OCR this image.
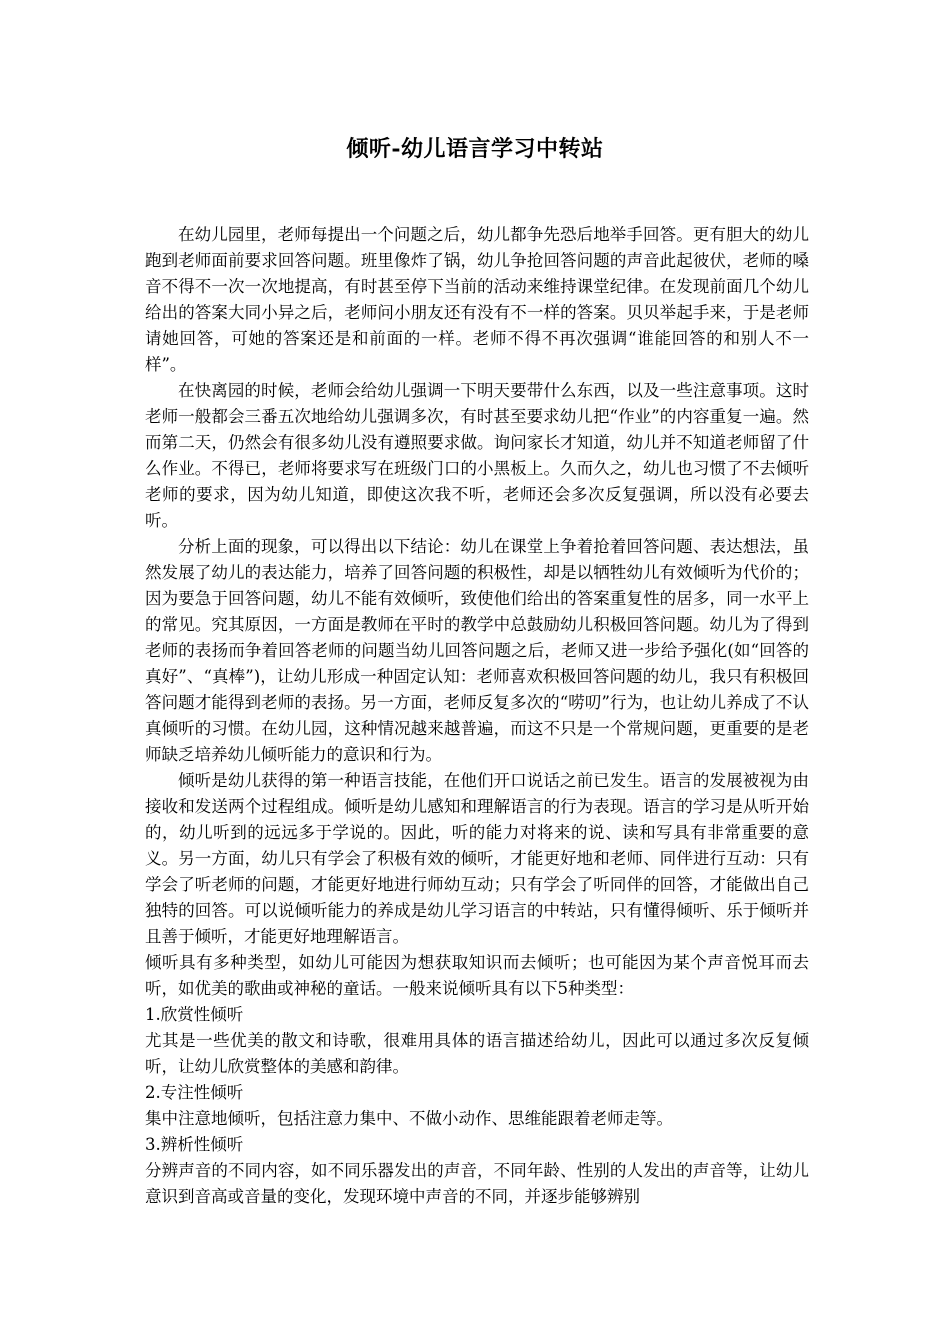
倾听-幼儿语言学习中转站

在幼儿园里，老师每提出一个问题之后，幼儿都争先恐后地举手回答。更有胆大的幼儿跑到老师面前要求回答问题。班里像炸了锅，幼儿争抢回答问题的声音此起彼伏，老师的嗓音不得不一次一次地提高，有时甚至停下当前的活动来维持课堂纪律。在发现前面几个幼儿给出的答案大同小异之后，老师问小朋友还有没有不一样的答案。贝贝举起手来，于是老师请她回答，可她的答案还是和前面的一样。老师不得不再次强调“谁能回答的和别人不一样”。

在快离园的时候，老师会给幼儿强调一下明天要带什么东西，以及一些注意事项。这时老师一般都会三番五次地给幼儿强调多次，有时甚至要求幼儿把“作业”的内容重复一遍。然而第二天，仍然会有很多幼儿没有遵照要求做。询问家长才知道，幼儿并不知道老师留了什么作业。不得已，老师将要求写在班级门口的小黑板上。久而久之，幼儿也习惯了不去倾听老师的要求，因为幼儿知道，即使这次我不听，老师还会多次反复强调，所以没有必要去听。

分析上面的现象，可以得出以下结论：幼儿在课堂上争着抢着回答问题、表达想法，虽然发展了幼儿的表达能力，培养了回答问题的积极性，却是以牺牲幼儿有效倾听为代价的；因为要急于回答问题，幼儿不能有效倾听，致使他们给出的答案重复性的居多，同一水平上的常见。究其原因，一方面是教师在平时的教学中总鼓励幼儿积极回答问题。幼儿为了得到老师的表扬而争着回答老师的问题当幼儿回答问题之后，老师又进一步给予强化(如“回答的真好”、“真棒”)，让幼儿形成一种固定认知：老师喜欢积极回答问题的幼儿，我只有积极回答问题才能得到老师的表扬。另一方面，老师反复多次的“唠叨”行为，也让幼儿养成了不认真倾听的习惯。在幼儿园，这种情况越来越普遍，而这不只是一个常规问题，更重要的是老师缺乏培养幼儿倾听能力的意识和行为。

倾听是幼儿获得的第一种语言技能，在他们开口说话之前已发生。语言的发展被视为由接收和发送两个过程组成。倾听是幼儿感知和理解语言的行为表现。语言的学习是从听开始的，幼儿听到的远远多于学说的。因此，听的能力对将来的说、读和写具有非常重要的意义。另一方面，幼儿只有学会了积极有效的倾听，才能更好地和老师、同伴进行互动：只有学会了听老师的问题，才能更好地进行师幼互动；只有学会了听同伴的回答，才能做出自己独特的回答。可以说倾听能力的养成是幼儿学习语言的中转站，只有懂得倾听、乐于倾听并且善于倾听，才能更好地理解语言。

倾听具有多种类型，如幼儿可能因为想获取知识而去倾听；也可能因为某个声音悦耳而去听，如优美的歌曲或神秘的童话。一般来说倾听具有以下5种类型：

1.欣赏性倾听

尤其是一些优美的散文和诗歌，很难用具体的语言描述给幼儿，因此可以通过多次反复倾听，让幼儿欣赏整体的美感和韵律。

2.专注性倾听

集中注意地倾听，包括注意力集中、不做小动作、思维能跟着老师走等。

3.辨析性倾听

分辨声音的不同内容，如不同乐器发出的声音，不同年龄、性别的人发出的声音等，让幼儿意识到音高或音量的变化，发现环境中声音的不同，并逐步能够辨别
